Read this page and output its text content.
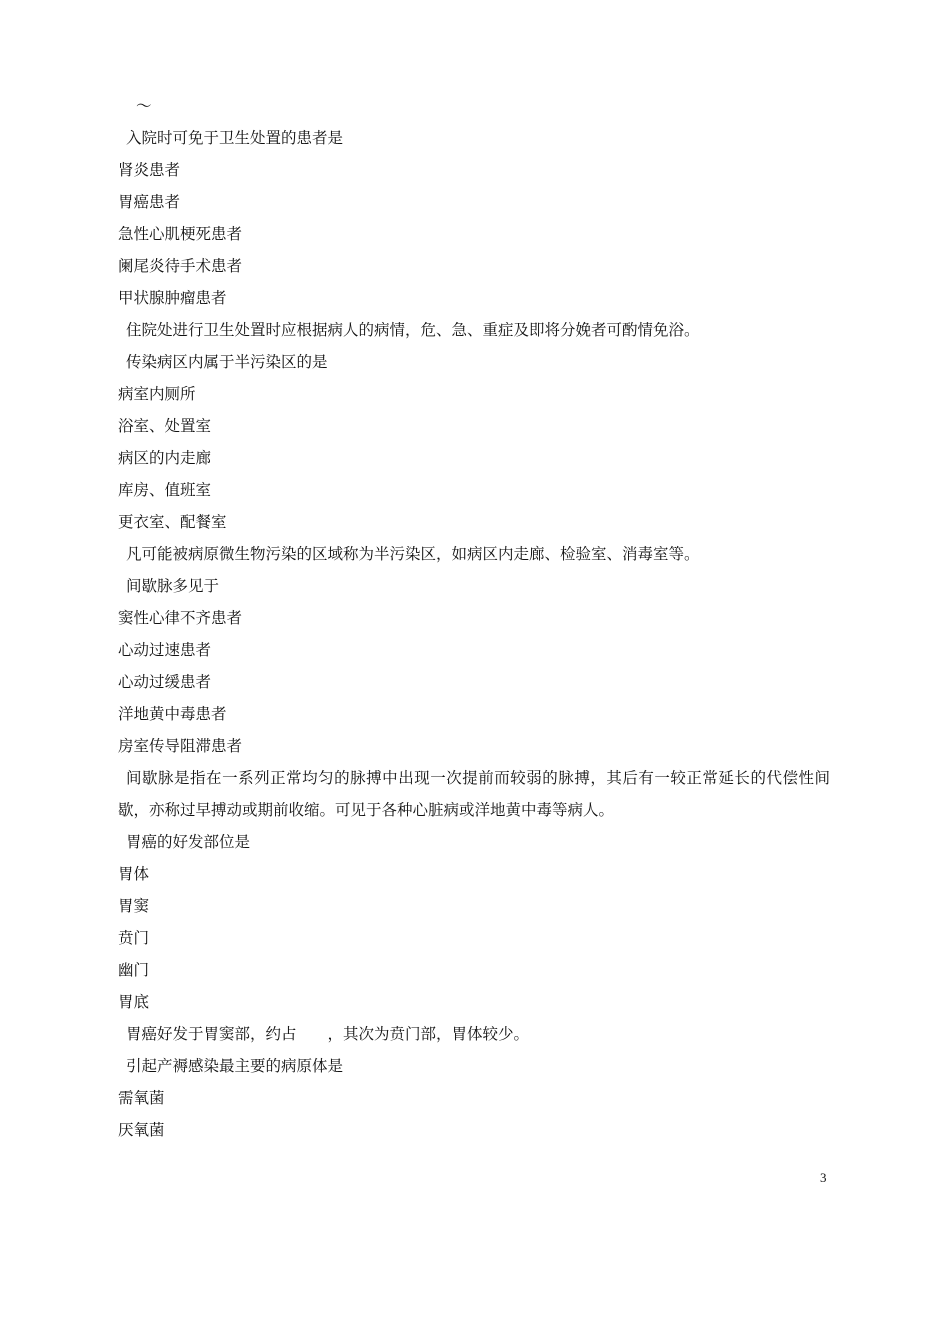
～
入院时可免于卫生处置的患者是
肾炎患者
胃癌患者
急性心肌梗死患者
阑尾炎待手术患者
甲状腺肿瘤患者
住院处进行卫生处置时应根据病人的病情，危、急、重症及即将分娩者可酌情免浴。
传染病区内属于半污染区的是
病室内厕所
浴室、处置室
病区的内走廊
库房、值班室
更衣室、配餐室
凡可能被病原微生物污染的区域称为半污染区，如病区内走廊、检验室、消毒室等。
间歇脉多见于
窦性心律不齐患者
心动过速患者
心动过缓患者
洋地黄中毒患者
房室传导阻滞患者
间歇脉是指在一系列正常均匀的脉搏中出现一次提前而较弱的脉搏，其后有一较正常延长的代偿性间歇，亦称过早搏动或期前收缩。可见于各种心脏病或洋地黄中毒等病人。
胃癌的好发部位是
胃体
胃窦
贲门
幽门
胃底
胃癌好发于胃窦部，约占　　，其次为贲门部，胃体较少。
引起产褥感染最主要的病原体是
需氧菌
厌氧菌
3
